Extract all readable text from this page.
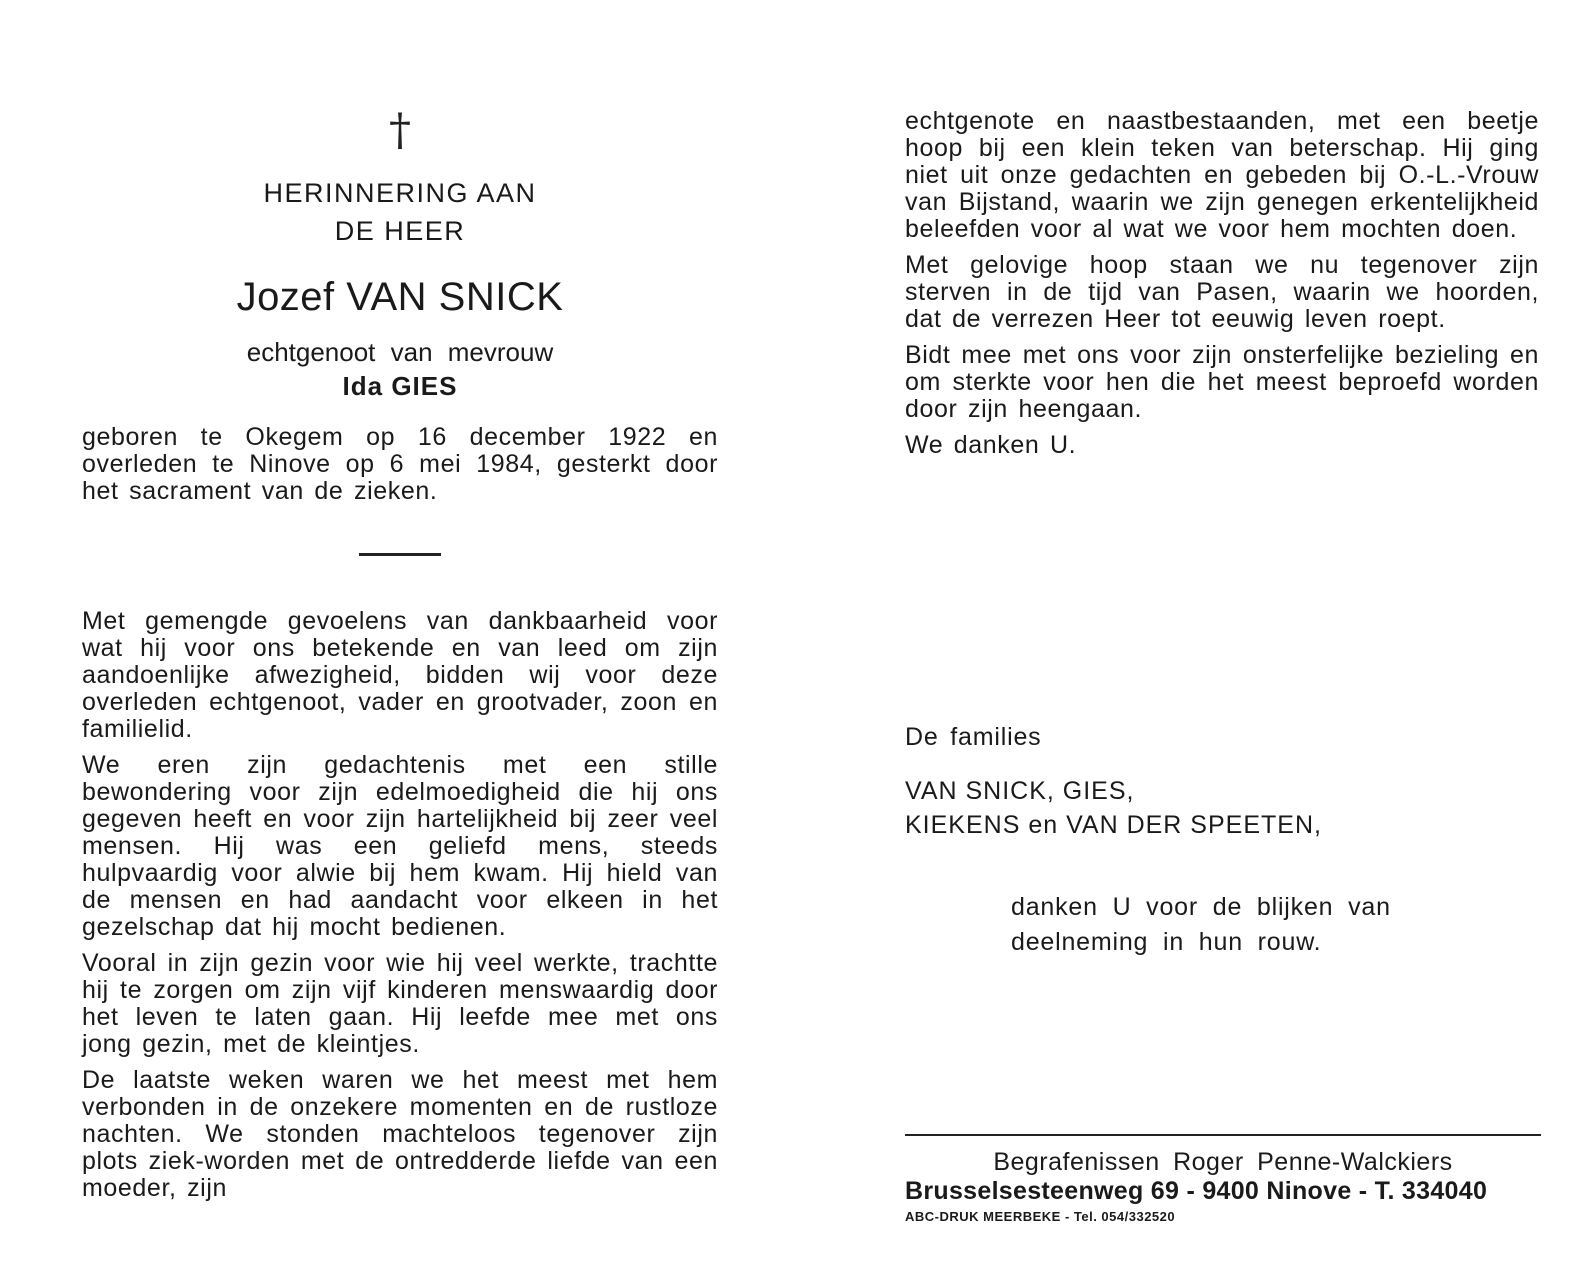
†

HERINNERING AAN

DE HEER

Jozef VAN SNICK
echtgenoot van mevrouw
Ida GIES

geboren te Okegem op 16 december 1922 en overleden te Ninove op 6 mei 1984, gesterkt door het sacrament van de zieken.

Met gemengde gevoelens van dankbaarheid voor wat hij voor ons betekende en van leed om zijn aandoenlijke afwezigheid, bidden wij voor deze overleden echtgenoot, vader en grootvader, zoon en familielid.

We eren zijn gedachtenis met een stille bewondering voor zijn edelmoedigheid die hij ons gegeven heeft en voor zijn hartelijkheid bij zeer veel mensen. Hij was een geliefd mens, steeds hulpvaardig voor alwie bij hem kwam. Hij hield van de mensen en had aandacht voor elkeen in het gezelschap dat hij mocht bedienen.

Vooral in zijn gezin voor wie hij veel werkte, trachtte hij te zorgen om zijn vijf kinderen menswaardig door het leven te laten gaan. Hij leefde mee met ons jong gezin, met de kleintjes.

De laatste weken waren we het meest met hem verbonden in de onzekere momenten en de rustloze nachten. We stonden machteloos tegenover zijn plots ziek-worden met de ontredderde liefde van een moeder, zijn

echtgenote en naastbestaanden, met een beetje hoop bij een klein teken van beterschap. Hij ging niet uit onze gedachten en gebeden bij O.-L.-Vrouw van Bijstand, waarin we zijn genegen erkentelijkheid beleefden voor al wat we voor hem mochten doen.

Met gelovige hoop staan we nu tegenover zijn sterven in de tijd van Pasen, waarin we hoorden, dat de verrezen Heer tot eeuwig leven roept.

Bidt mee met ons voor zijn onsterfelijke bezieling en om sterkte voor hen die het meest beproefd worden door zijn heengaan.

We danken U.

De families
VAN SNICK, GIES,
KIEKENS en VAN DER SPEETEN,
danken U voor de blijken van
deelneming in hun rouw.
Begrafenissen Roger Penne-Walckiers
Brusselsesteenweg 69 - 9400 Ninove - T. 334040
ABC-DRUK MEERBEKE - Tel. 054/332520
